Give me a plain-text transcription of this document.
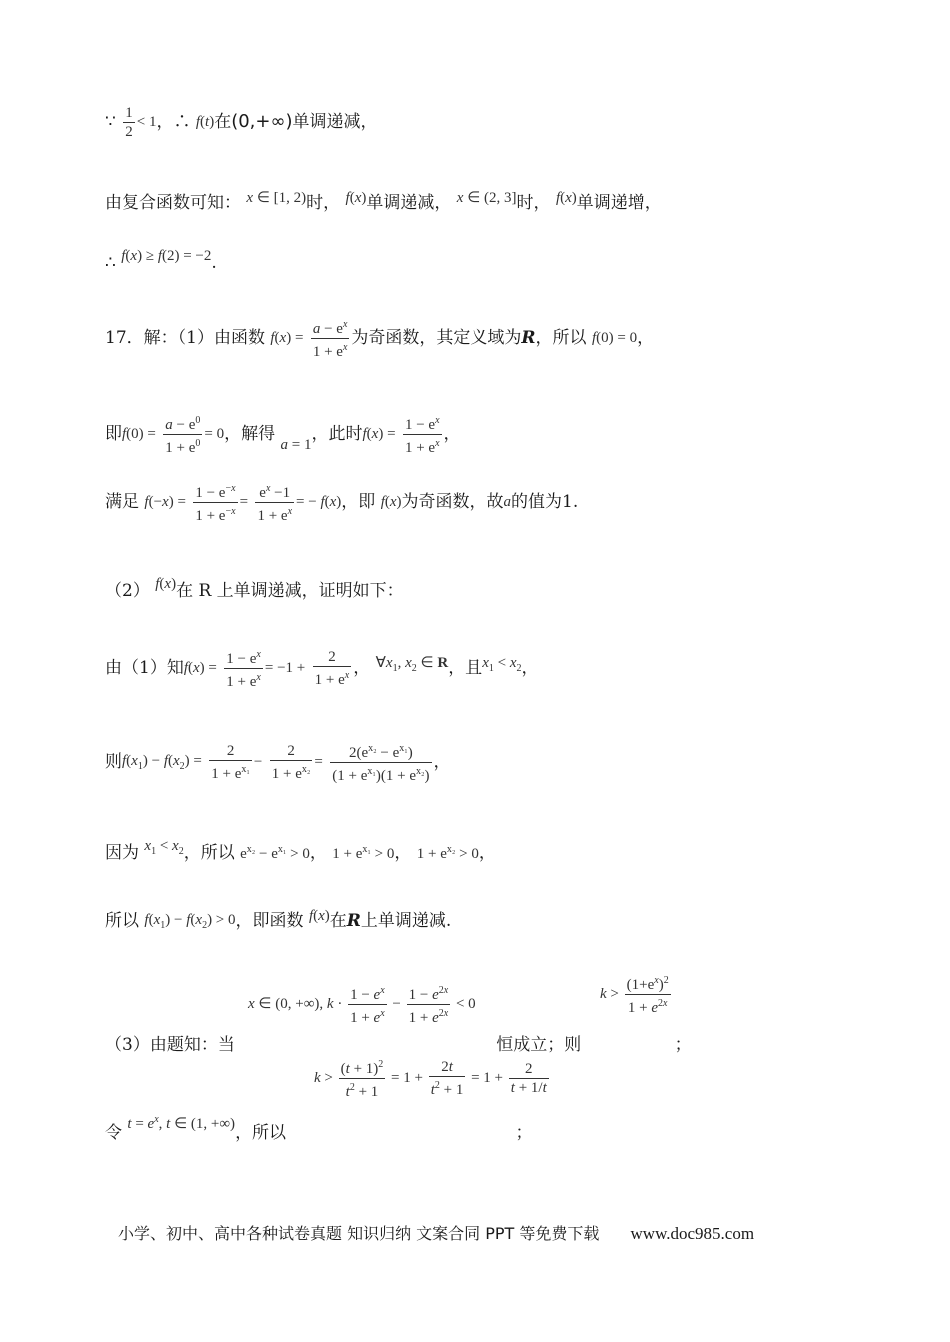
∵ $\frac{1}{2} < 1$，∴ f(t)在(0,+∞)单调递减，
由复合函数可知： x ∈ [1, 2)时， f(x)单调递减， x ∈ (2, 3]时， f(x)单调递增，
∴ f(x) ≥ f(2) = −2.
17．解：（1）由函数 $f(x) = \frac{a - e^x}{1 + e^x}$ 为奇函数，其定义域为R，所以 f(0) = 0，
即$f(0) = \frac{a - e^0}{1 + e^0} = 0$，解得 a = 1，此时$f(x) = \frac{1 - e^x}{1 + e^x}$ ，
满足 $f(-x) = \frac{1 - e^{-x}}{1 + e^{-x}} = \frac{e^x -1}{1 + e^x}$ = − f(x)，即 f(x)为奇函数，故a的值为1.
（2） f(x)在 R 上单调递减，证明如下：
由（1）知$f(x) = \frac{1 - e^x}{1 + e^x} = -1 + \frac{2}{1 + e^x}$ ， $\forall x_1$, $x_2$ ∈ R，且$x_1 < x_2$，
则$f(x_1) - f(x_2) = \frac{2}{1 + e^{x_1}} - \frac{2}{1 + e^{x_2}} = \frac{2(e^{x_2} - e^{x_1})}{(1 + e^{x_1})(1 + e^{x_2})}$ ，
因为 $x_1 < x_2$，所以 $e^{x_2} - e^{x_1} > 0$， $1 + e^{x_1} > 0$， $1 + e^{x_2} > 0$，
所以 $f(x_1) - f(x_2) > 0$，即函数 f(x)在R上单调递减.
x ∈ (0, +∞), $k \cdot \frac{1 - e^x}{1 + e^x} - \frac{1 - e^{2x}}{1 + e^{2x}} < 0$
$k > \frac{(1+e^x)^2}{1 + e^{2x}}$
（3）由题知：当	恒成立；则	；
$k > \frac{(t + 1)^2}{t^2 + 1} = 1 + \frac{2t}{t^2 + 1} = 1 + \frac{2}{t + 1/t}$
令 $t = e^x$, t ∈ (1, +∞)，所以	；
小学、初中、高中各种试卷真题 知识归纳 文案合同 PPT 等免费下载 www.doc985.com
